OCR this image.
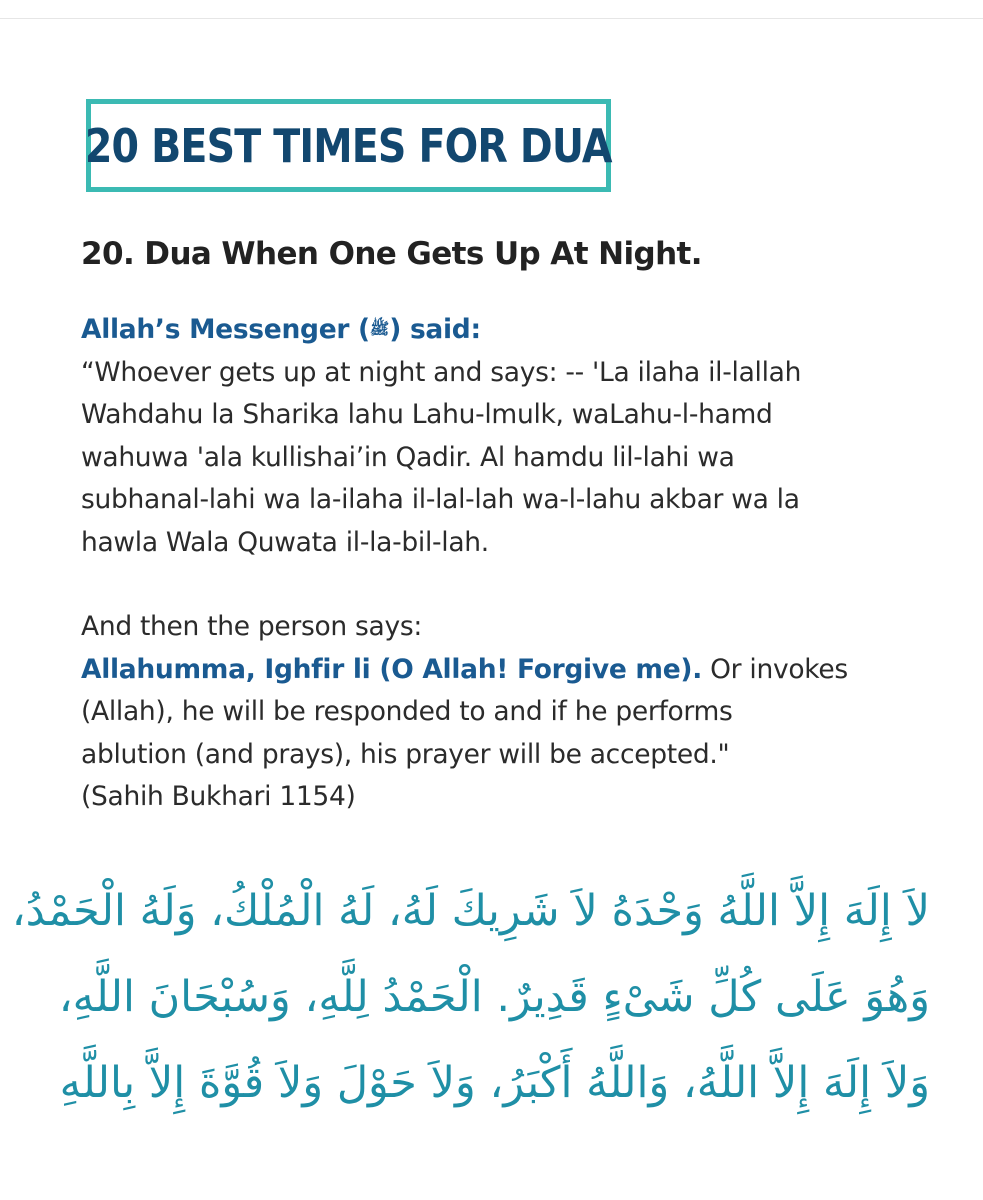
20 BEST TIMES FOR DUA
20. Dua When One Gets Up At Night.
Allah’s Messenger (ﷺ) said:
“Whoever gets up at night and says: -- 'La ilaha il-lallah
Wahdahu la Sharika lahu Lahu-lmulk, waLahu-l-hamd
wahuwa 'ala kullishai’in Qadir. Al hamdu lil-lahi wa
subhanal-lahi wa la-ilaha il-lal-lah wa-l-lahu akbar wa la
hawla Wala Quwata il-la-bil-lah.
And then the person says:
Allahumma, Ighfir li (O Allah! Forgive me). Or invokes
(Allah), he will be responded to and if he performs
ablution (and prays), his prayer will be accepted."
(Sahih Bukhari 1154)
لاَ إِلَهَ إِلاَّ اللَّهُ وَحْدَهُ لاَ شَرِيكَ لَهُ، لَهُ الْمُلْكُ، وَلَهُ الْحَمْدُ،
وَهُوَ عَلَى كُلِّ شَىْءٍ قَدِيرٌ. الْحَمْدُ لِلَّهِ، وَسُبْحَانَ اللَّهِ،
وَلاَ إِلَهَ إِلاَّ اللَّهُ، وَاللَّهُ أَكْبَرُ، وَلاَ حَوْلَ وَلاَ قُوَّةَ إِلاَّ بِاللَّهِ
